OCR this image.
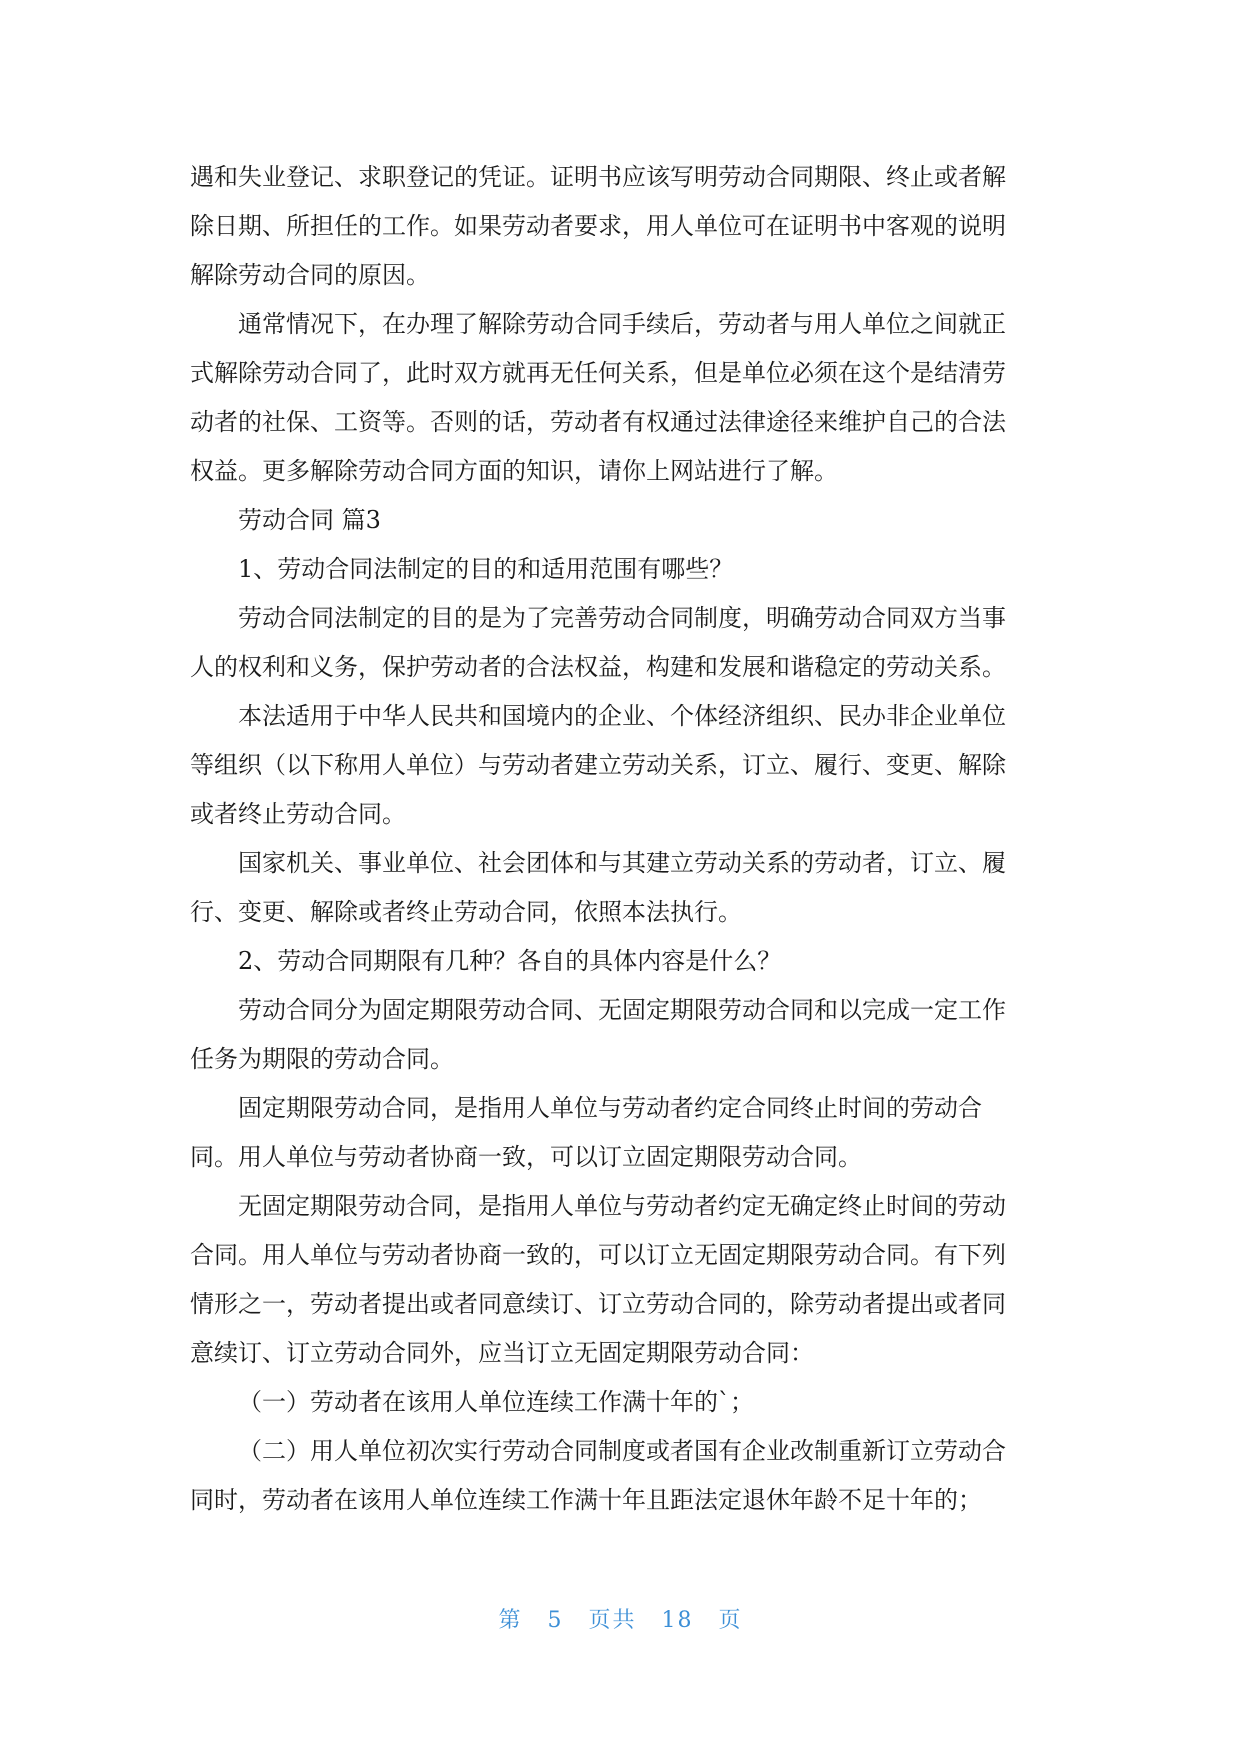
遇和失业登记、求职登记的凭证。证明书应该写明劳动合同期限、终止或者解
除日期、所担任的工作。如果劳动者要求，用人单位可在证明书中客观的说明
解除劳动合同的原因。

通常情况下，在办理了解除劳动合同手续后，劳动者与用人单位之间就正
式解除劳动合同了，此时双方就再无任何关系，但是单位必须在这个是结清劳
动者的社保、工资等。否则的话，劳动者有权通过法律途径来维护自己的合法
权益。更多解除劳动合同方面的知识，请你上网站进行了解。

劳动合同 篇3

1、劳动合同法制定的目的和适用范围有哪些？

劳动合同法制定的目的是为了完善劳动合同制度，明确劳动合同双方当事
人的权利和义务，保护劳动者的合法权益，构建和发展和谐稳定的劳动关系。

本法适用于中华人民共和国境内的企业、个体经济组织、民办非企业单位
等组织（以下称用人单位）与劳动者建立劳动关系，订立、履行、变更、解除
或者终止劳动合同。

国家机关、事业单位、社会团体和与其建立劳动关系的劳动者，订立、履
行、变更、解除或者终止劳动合同，依照本法执行。

2、劳动合同期限有几种？各自的具体内容是什么？

劳动合同分为固定期限劳动合同、无固定期限劳动合同和以完成一定工作
任务为期限的劳动合同。

固定期限劳动合同，是指用人单位与劳动者约定合同终止时间的劳动合
同。用人单位与劳动者协商一致，可以订立固定期限劳动合同。

无固定期限劳动合同，是指用人单位与劳动者约定无确定终止时间的劳动
合同。用人单位与劳动者协商一致的，可以订立无固定期限劳动合同。有下列
情形之一，劳动者提出或者同意续订、订立劳动合同的，除劳动者提出或者同
意续订、订立劳动合同外，应当订立无固定期限劳动合同：

（一）劳动者在该用人单位连续工作满十年的`；

（二）用人单位初次实行劳动合同制度或者国有企业改制重新订立劳动合
同时，劳动者在该用人单位连续工作满十年且距法定退休年龄不足十年的；

第 5 页共 18 页
